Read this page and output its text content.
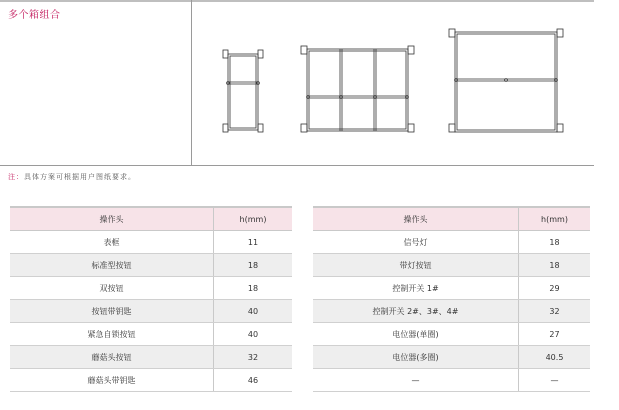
多个箱组合
注：具体方案可根据用户图纸要求。
操作头	h(mm)
表框	11
标准型按钮	18
双按钮	18
按钮带钥匙	40
紧急自锁按钮	40
蘑菇头按钮	32
蘑菇头带钥匙	46
操作头	h(mm)
信号灯	18
带灯按钮	18
控制开关 1#	29
控制开关 2#、3#、4#	32
电位器(单圈)	27
电位器(多圈)	40.5
—	—
